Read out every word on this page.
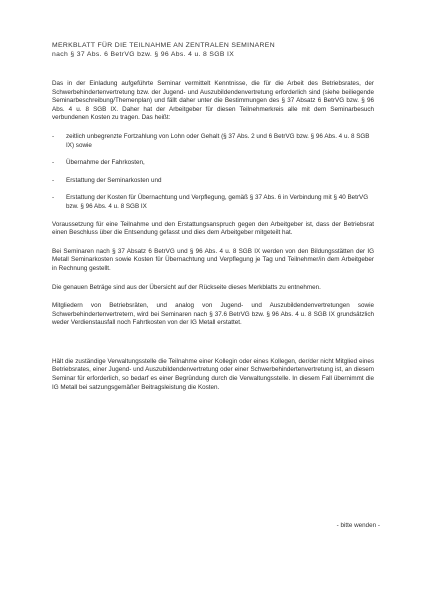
MERKBLATT FÜR DIE TEILNAHME AN ZENTRALEN SEMINAREN
nach § 37 Abs. 6 BetrVG bzw. § 96 Abs. 4 u. 8 SGB IX

Das in der Einladung aufgeführte Seminar vermittelt Kenntnisse, die für die Arbeit des Betriebsrates, der Schwerbehindertenvertretung bzw. der Jugend- und Auszubildendenvertretung erforderlich sind (siehe beiliegende Seminarbeschreibung/Themenplan) und fällt daher unter die Bestimmungen des § 37 Absatz 6 BetrVG bzw. § 96 Abs. 4 u. 8 SGB IX. Daher hat der Arbeitgeber für diesen Teilnehmerkreis alle mit dem Seminarbesuch verbundenen Kosten zu tragen. Das heißt:

-	zeitlich unbegrenzte Fortzahlung von Lohn oder Gehalt (§ 37 Abs. 2 und 6 BetrVG bzw. § 96 Abs. 4 u. 8 SGB IX) sowie
-	Übernahme der Fahrkosten,
-	Erstattung der Seminarkosten und
-	Erstattung der Kosten für Übernachtung und Verpflegung, gemäß § 37 Abs. 6 in Verbindung mit § 40 BetrVG bzw. § 96 Abs. 4 u. 8 SGB IX

Voraussetzung für eine Teilnahme und den Erstattungsanspruch gegen den Arbeitgeber ist, dass der Betriebsrat einen Beschluss über die Entsendung gefasst und dies dem Arbeitgeber mitgeteilt hat.

Bei Seminaren nach § 37 Absatz 6 BetrVG und § 96 Abs. 4 u. 8 SGB IX werden von den Bildungsstätten der IG Metall Seminarkosten sowie Kosten für Übernachtung und Verpflegung je Tag und Teilnehmer/in dem Arbeitgeber in Rechnung gestellt.

Die genauen Beträge sind aus der Übersicht auf der Rückseite dieses Merkblatts zu entnehmen.

Mitgliedern von Betriebsräten, und analog von Jugend- und Auszubildendenvertretungen sowie Schwerbehindertenvertretern, wird bei Seminaren nach § 37.6 BetrVG bzw. § 96 Abs. 4 u. 8 SGB IX grundsätzlich weder Verdienstausfall noch Fahrtkosten von der IG Metall erstattet.

Hält die zuständige Verwaltungsstelle die Teilnahme einer Kollegin oder eines Kollegen, der/der nicht Mitglied eines Betriebsrates, einer Jugend- und Auszubildendenvertretung oder einer Schwerbehindertenvertretung ist, an diesem Seminar für erforderlich, so bedarf es einer Begründung durch die Verwaltungsstelle. In diesem Fall übernimmt die IG Metall bei satzungsgemäßer Beitragsleistung die Kosten.

- bitte wenden -
